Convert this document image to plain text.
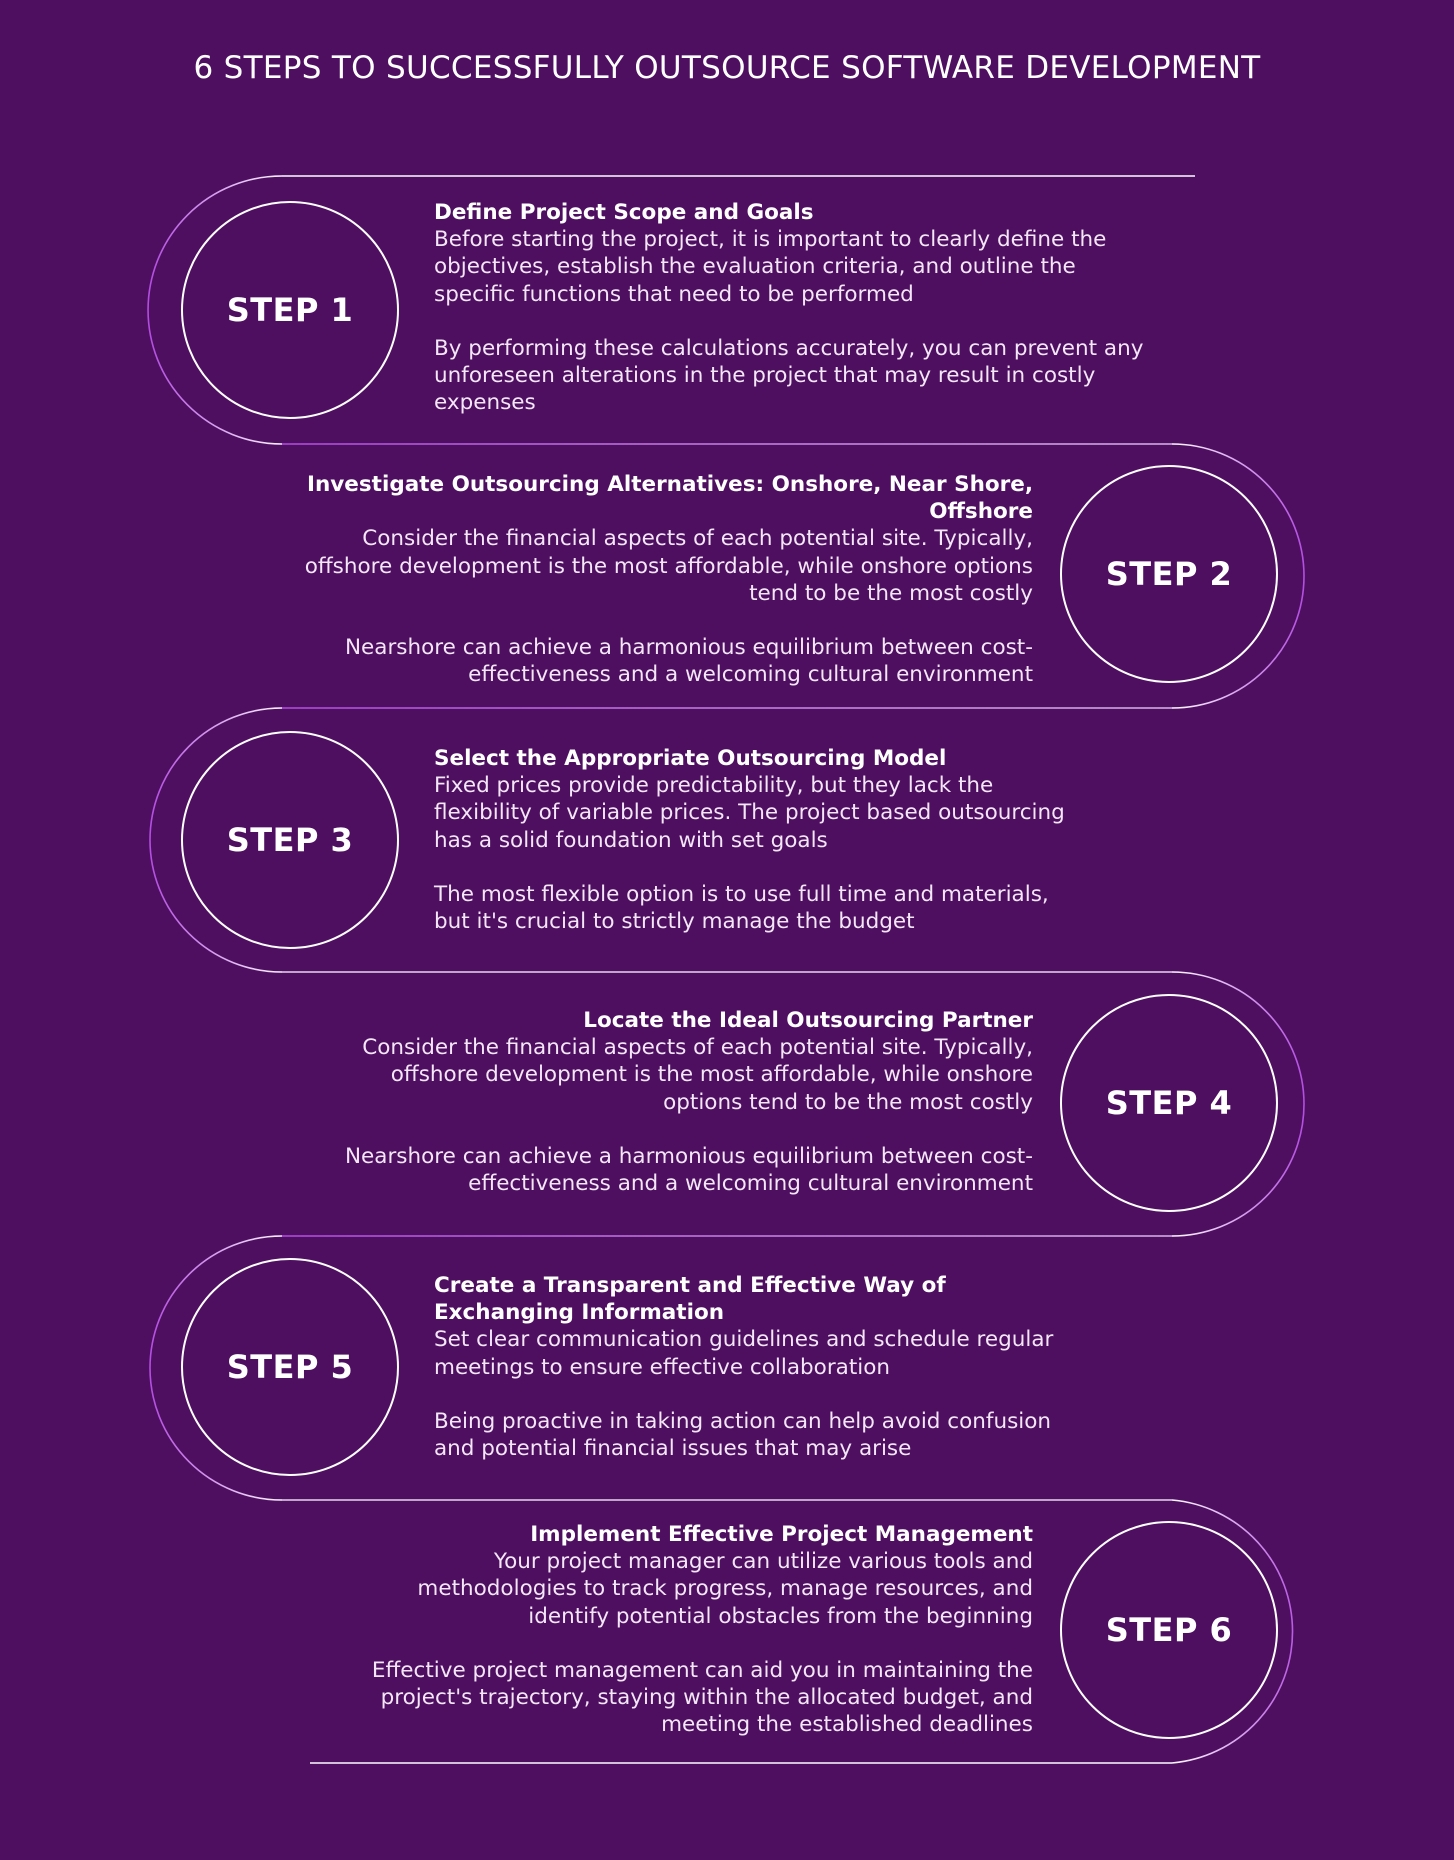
6 STEPS TO SUCCESSFULLY OUTSOURCE SOFTWARE DEVELOPMENT
STEP 1
Define Project Scope and Goals

Before starting the project, it is important to clearly define the objectives, establish the evaluation criteria, and outline the specific functions that need to be performed

By performing these calculations accurately, you can prevent any unforeseen alterations in the project that may result in costly expenses

STEP 2
Investigate Outsourcing Alternatives: Onshore, Near Shore, Offshore

Consider the financial aspects of each potential site. Typically, offshore development is the most affordable, while onshore options tend to be the most costly

Nearshore can achieve a harmonious equilibrium between cost-effectiveness and a welcoming cultural environment

STEP 3
Select the Appropriate Outsourcing Model

Fixed prices provide predictability, but they lack the flexibility of variable prices. The project based outsourcing has a solid foundation with set goals

The most flexible option is to use full time and materials, but it's crucial to strictly manage the budget

STEP 4
Locate the Ideal Outsourcing Partner

Consider the financial aspects of each potential site. Typically, offshore development is the most affordable, while onshore options tend to be the most costly

Nearshore can achieve a harmonious equilibrium between cost-effectiveness and a welcoming cultural environment

STEP 5
Create a Transparent and Effective Way of Exchanging Information

Set clear communication guidelines and schedule regular meetings to ensure effective collaboration

Being proactive in taking action can help avoid confusion and potential financial issues that may arise

STEP 6
Implement Effective Project Management

Your project manager can utilize various tools and methodologies to track progress, manage resources, and identify potential obstacles from the beginning

Effective project management can aid you in maintaining the project's trajectory, staying within the allocated budget, and meeting the established deadlines
